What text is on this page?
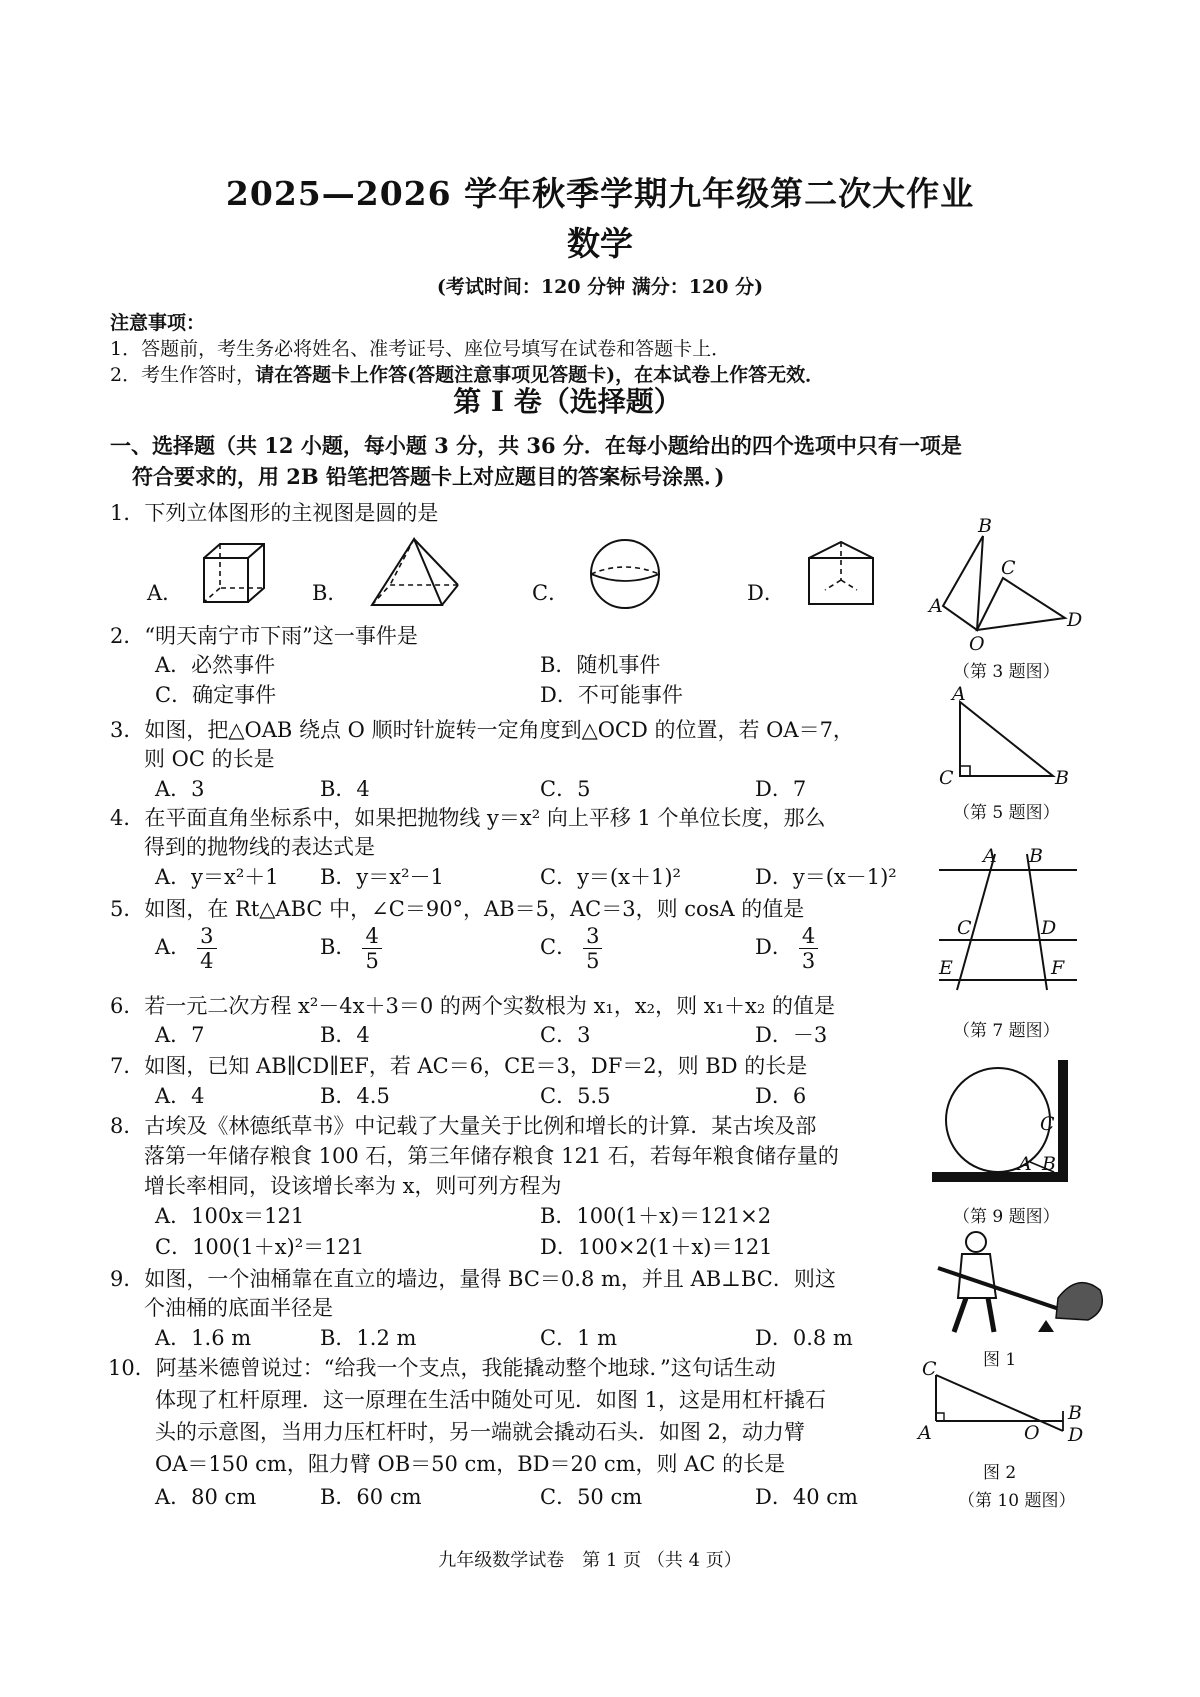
2025—2026 学年秋季学期九年级第二次大作业
数学
(考试时间：120 分钟 满分：120 分)
注意事项：
1．答题前，考生务必将姓名、准考证号、座位号填写在试卷和答题卡上．
2．考生作答时，请在答题卡上作答(答题注意事项见答题卡)，在本试卷上作答无效．
第 I 卷（选择题）
一、选择题（共 12 小题，每小题 3 分，共 36 分．在每小题给出的四个选项中只有一项是
符合要求的，用 2B 铅笔把答题卡上对应题目的答案标号涂黑．)
1．下列立体图形的主视图是圆的是
A．	B．	C．	D．
2．“明天南宁市下雨”这一事件是
A．必然事件	B．随机事件
C．确定事件	D．不可能事件
3．如图，把△OAB 绕点 O 顺时针旋转一定角度到△OCD 的位置，若 OA＝7，
则 OC 的长是
A．3	B．4	C．5	D．7
4．在平面直角坐标系中，如果把抛物线 y＝x² 向上平移 1 个单位长度，那么
得到的抛物线的表达式是
A．y＝x²＋1 B．y＝x²－1	C．y＝(x＋1)²	D．y＝(x－1)²
5．如图，在 Rt△ABC 中，∠C＝90°，AB＝5，AC＝3，则 cosA 的值是
A． $\frac{3}{4}$	B． $\frac{4}{5}$	C． $\frac{3}{5}$	D． $\frac{4}{3}$
6．若一元二次方程 x²－4x＋3＝0 的两个实数根为 x₁，x₂，则 x₁＋x₂ 的值是
A．7	B．4	C．3	D．－3
7．如图，已知 AB∥CD∥EF，若 AC＝6，CE＝3，DF＝2，则 BD 的长是
A．4	B．4.5	C．5.5	D．6
8．古埃及《林德纸草书》中记载了大量关于比例和增长的计算．某古埃及部
落第一年储存粮食 100 石，第三年储存粮食 121 石，若每年粮食储存量的
增长率相同，设该增长率为 x，则可列方程为
A．100x＝121	B．100(1＋x)＝121×2
C．100(1＋x)²＝121	D．100×2(1＋x)＝121
9．如图，一个油桶靠在直立的墙边，量得 BC＝0.8 m，并且 AB⊥BC．则这
个油桶的底面半径是
A．1.6 m	B．1.2 m	C．1 m	D．0.8 m
10．阿基米德曾说过：“给我一个支点，我能撬动整个地球．”这句话生动
体现了杠杆原理．这一原理在生活中随处可见．如图 1，这是用杠杆撬石
头的示意图，当用力压杠杆时，另一端就会撬动石头．如图 2，动力臂
OA＝150 cm，阻力臂 OB＝50 cm，BD＝20 cm，则 AC 的长是
A．80 cm	B．60 cm	C．50 cm	D．40 cm
B
A
C
D
O
（第 3 题图）
A
C	B
（第 5 题图）
A B
C	D
E	F
（第 7 题图）
C
A B
（第 9 题图）
图 1
C
A	O
B
D
图 2
（第 10 题图）
九年级数学试卷　第 1 页 （共 4 页）
